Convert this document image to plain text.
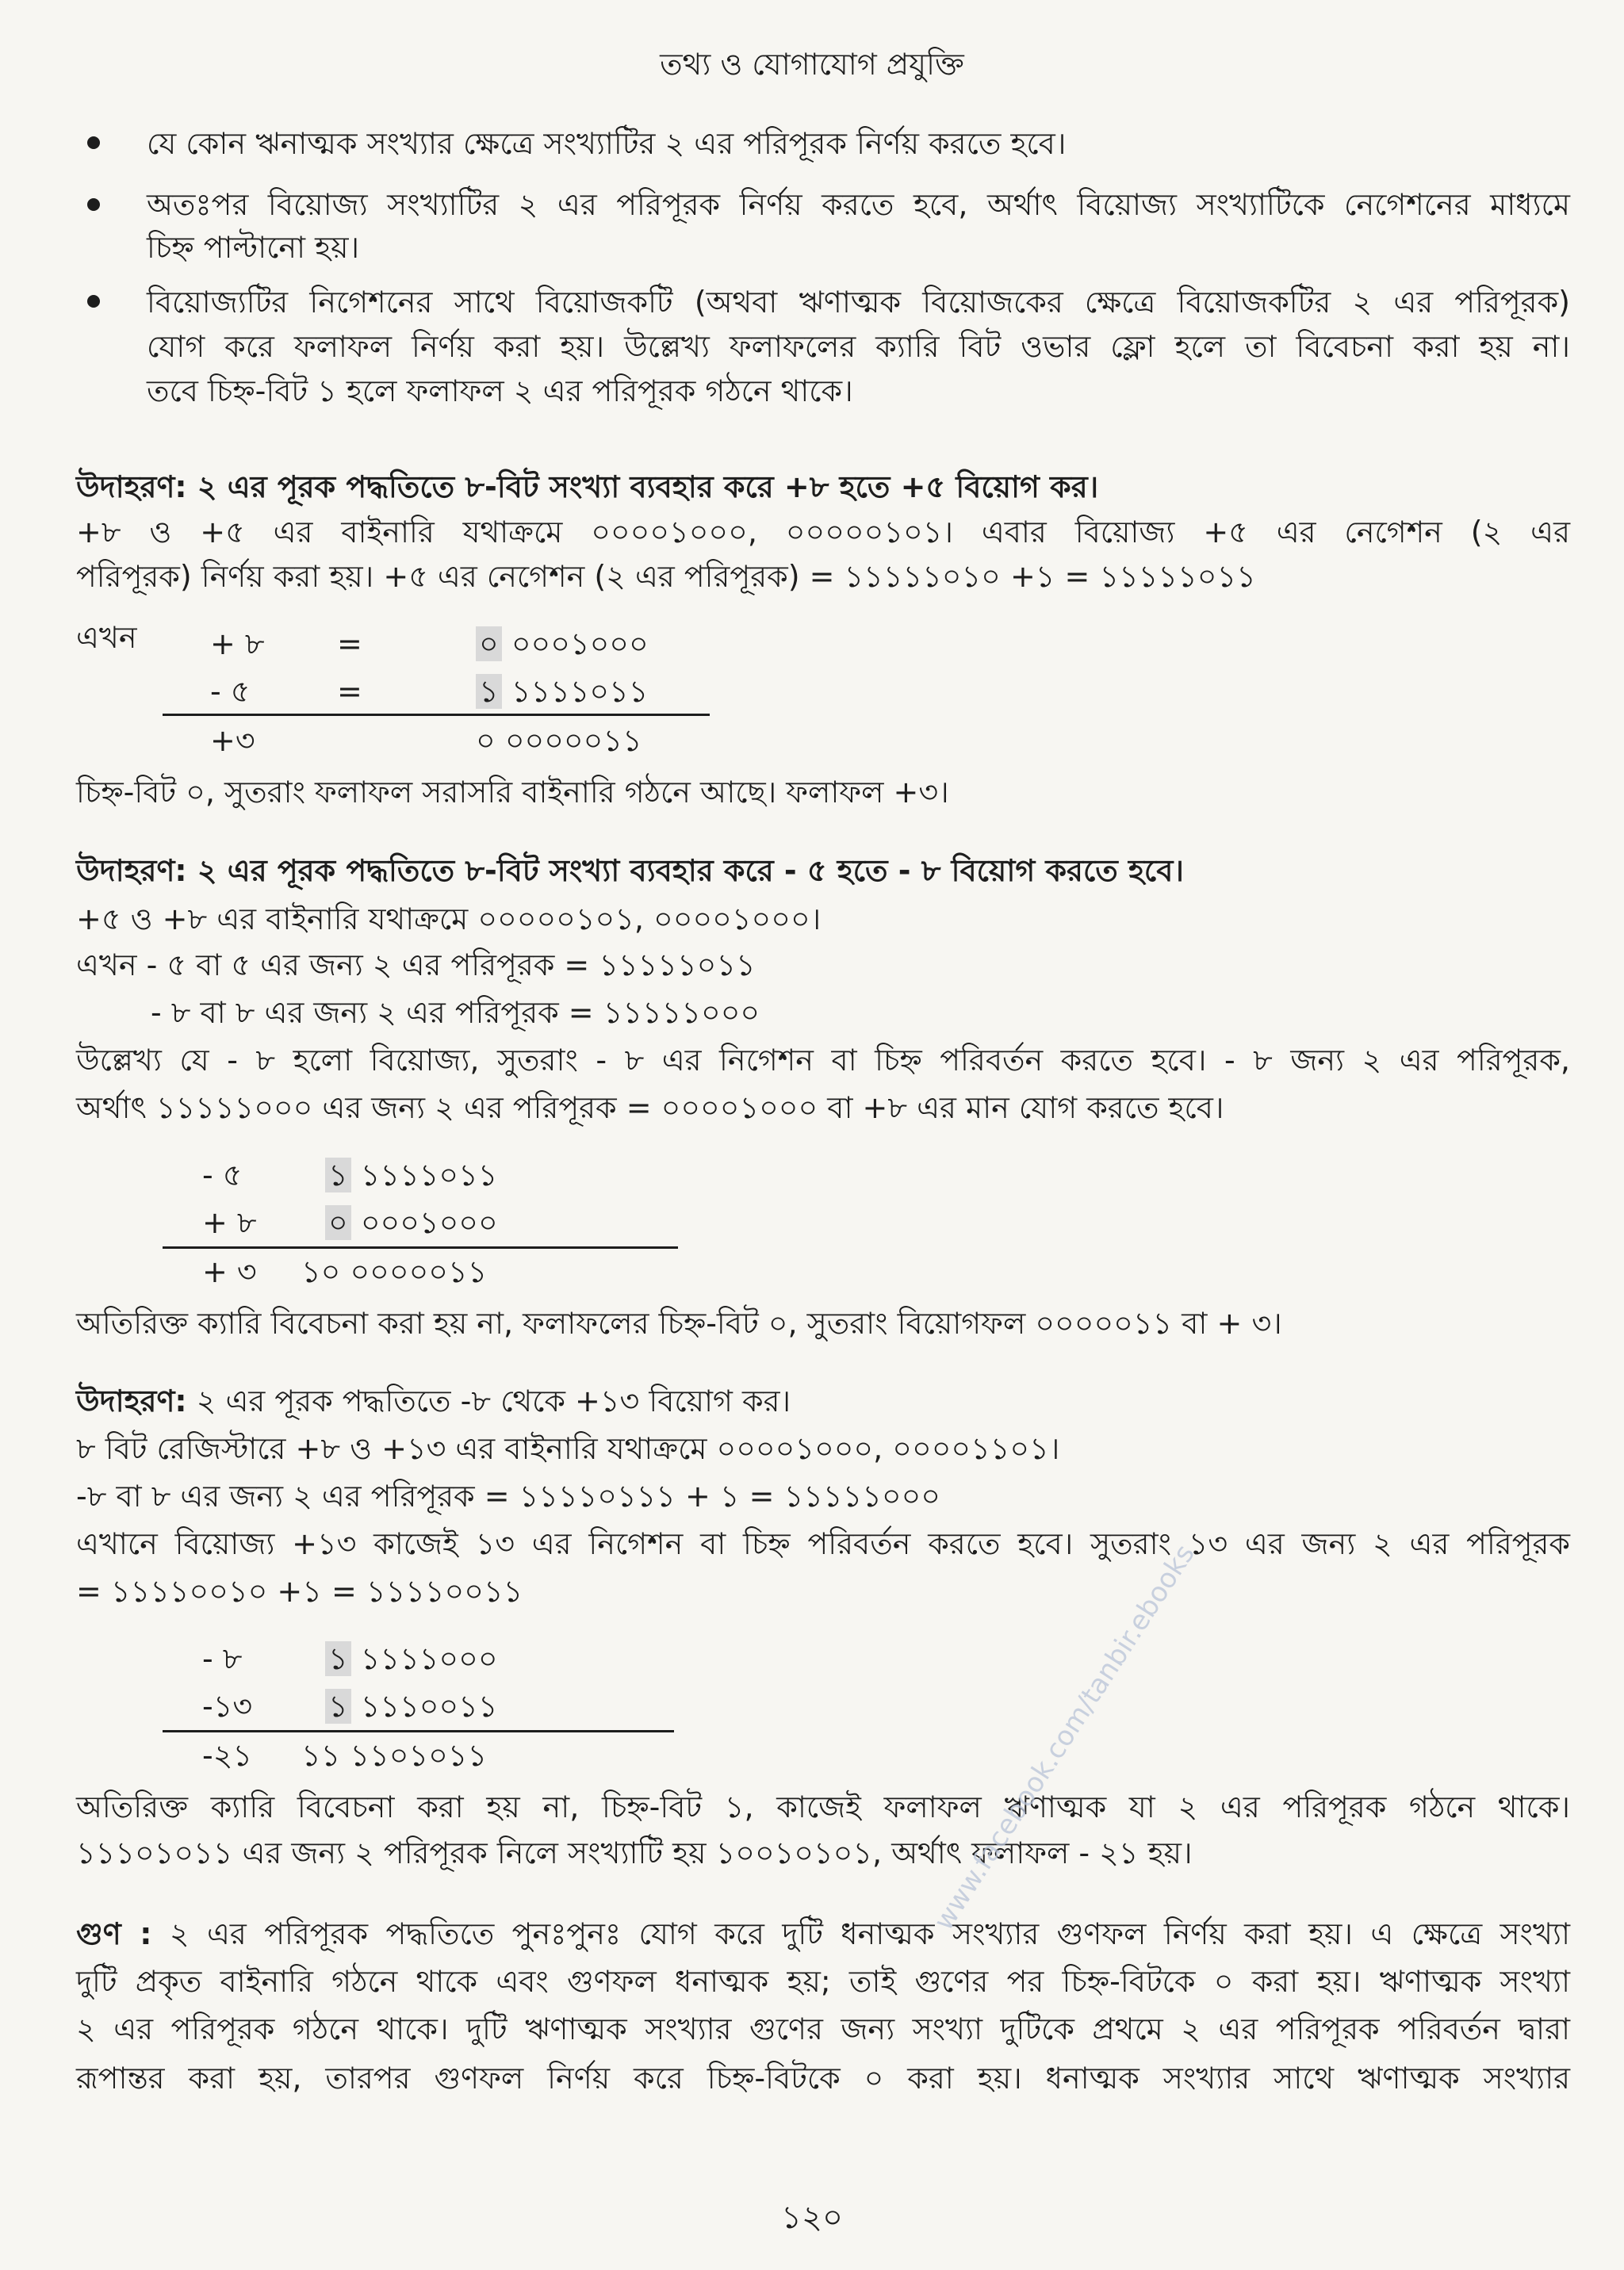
তথ্য ও যোগাযোগ প্রযুক্তি
যে কোন ঋনাত্মক সংখ্যার ক্ষেত্রে সংখ্যাটির ২ এর পরিপূরক নির্ণয় করতে হবে।
অতঃপর বিয়োজ্য সংখ্যাটির ২ এর পরিপূরক নির্ণয় করতে হবে, অর্থাৎ বিয়োজ্য সংখ্যাটিকে নেগেশনের মাধ্যমে
চিহ্ন পাল্টানো হয়।
বিয়োজ্যটির নিগেশনের সাথে বিয়োজকটি (অথবা ঋণাত্মক বিয়োজকের ক্ষেত্রে বিয়োজকটির ২ এর পরিপূরক)
যোগ করে ফলাফল নির্ণয় করা হয়। উল্লেখ্য ফলাফলের ক্যারি বিট ওভার ফ্লো হলে তা বিবেচনা করা হয় না।
তবে চিহ্ন-বিট ১ হলে ফলাফল ২ এর পরিপূরক গঠনে থাকে।
উদাহরণ: ২ এর পূরক পদ্ধতিতে ৮-বিট সংখ্যা ব্যবহার করে +৮ হতে +৫ বিয়োগ কর।
+৮ ও +৫ এর বাইনারি যথাক্রমে ০০০০১০০০, ০০০০০১০১। এবার বিয়োজ্য +৫ এর নেগেশন (২ এর
পরিপূরক) নির্ণয় করা হয়। +৫ এর নেগেশন (২ এর পরিপূরক) = ১১১১১০১০ +১ = ১১১১১০১১
এখন + ৮ =	০ ০০০১০০০
- ৫	=	১ ১১১১০১১
+৩	০ ০০০০০১১
চিহ্ন-বিট ০, সুতরাং ফলাফল সরাসরি বাইনারি গঠনে আছে। ফলাফল +৩।
উদাহরণ: ২ এর পূরক পদ্ধতিতে ৮-বিট সংখ্যা ব্যবহার করে - ৫ হতে - ৮ বিয়োগ করতে হবে।
+৫ ও +৮ এর বাইনারি যথাক্রমে ০০০০০১০১, ০০০০১০০০।
এখন - ৫ বা ৫ এর জন্য ২ এর পরিপূরক = ১১১১১০১১
- ৮ বা ৮ এর জন্য ২ এর পরিপূরক = ১১১১১০০০
উল্লেখ্য যে - ৮ হলো বিয়োজ্য, সুতরাং - ৮ এর নিগেশন বা চিহ্ন পরিবর্তন করতে হবে। - ৮ জন্য ২ এর পরিপূরক,
অর্থাৎ ১১১১১০০০ এর জন্য ২ এর পরিপূরক = ০০০০১০০০ বা +৮ এর মান যোগ করতে হবে।
- ৫	১ ১১১১০১১
+ ৮ ০ ০০০১০০০
+ ৩ ১০ ০০০০০১১
অতিরিক্ত ক্যারি বিবেচনা করা হয় না, ফলাফলের চিহ্ন-বিট ০, সুতরাং বিয়োগফল ০০০০০১১ বা + ৩।
উদাহরণ: ২ এর পূরক পদ্ধতিতে -৮ থেকে +১৩ বিয়োগ কর।
৮ বিট রেজিস্টারে +৮ ও +১৩ এর বাইনারি যথাক্রমে ০০০০১০০০, ০০০০১১০১।
-৮ বা ৮ এর জন্য ২ এর পরিপূরক = ১১১১০১১১ + ১ = ১১১১১০০০
এখানে বিয়োজ্য +১৩ কাজেই ১৩ এর নিগেশন বা চিহ্ন পরিবর্তন করতে হবে। সুতরাং ১৩ এর জন্য ২ এর পরিপূরক
= ১১১১০০১০ +১ = ১১১১০০১১
- ৮	১ ১১১১০০০
-১৩	১ ১১১০০১১
-২১ ১১ ১১০১০১১
অতিরিক্ত ক্যারি বিবেচনা করা হয় না, চিহ্ন-বিট ১, কাজেই ফলাফল ঋণাত্মক যা ২ এর পরিপূরক গঠনে থাকে।
১১১০১০১১ এর জন্য ২ পরিপূরক নিলে সংখ্যাটি হয় ১০০১০১০১, অর্থাৎ ফলাফল - ২১ হয়।
গুণ : ২ এর পরিপূরক পদ্ধতিতে পুনঃপুনঃ যোগ করে দুটি ধনাত্মক সংখ্যার গুণফল নির্ণয় করা হয়। এ ক্ষেত্রে সংখ্যা
দুটি প্রকৃত বাইনারি গঠনে থাকে এবং গুণফল ধনাত্মক হয়; তাই গুণের পর চিহ্ন-বিটকে ০ করা হয়। ঋণাত্মক সংখ্যা
২ এর পরিপূরক গঠনে থাকে। দুটি ঋণাত্মক সংখ্যার গুণের জন্য সংখ্যা দুটিকে প্রথমে ২ এর পরিপূরক পরিবর্তন দ্বারা
রূপান্তর করা হয়, তারপর গুণফল নির্ণয় করে চিহ্ন-বিটকে ০ করা হয়। ধনাত্মক সংখ্যার সাথে ঋণাত্মক সংখ্যার
www.facebook.com/tanbir.ebooks
১২০
